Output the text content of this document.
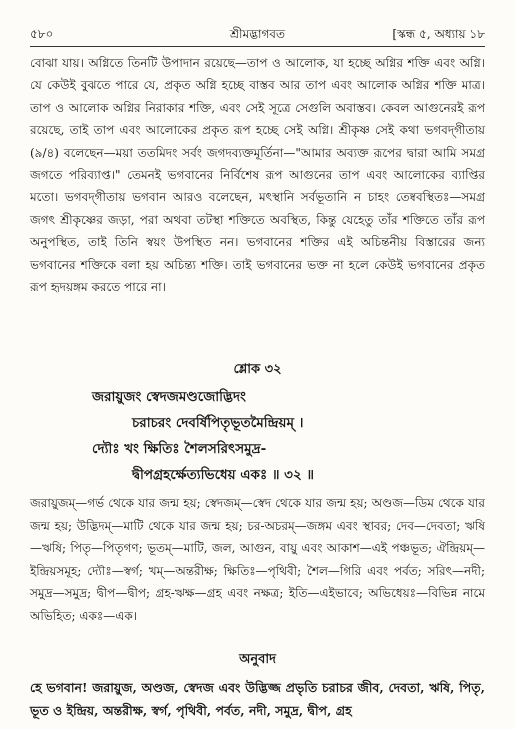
৫৮০	শ্রীমদ্ভাগবত	[স্কন্ধ ৫, অধ্যায় ১৮

বোঝা যায়। অগ্নিতে তিনটি উপাদান রয়েছে—তাপ ও আলোক, যা হচ্ছে অগ্নির শক্তি এবং অগ্নি। যে কেউই বুঝতে পারে যে, প্রকৃত অগ্নি হচ্ছে বাস্তব আর তাপ এবং আলোক অগ্নির শক্তি মাত্র। তাপ ও আলোক অগ্নির নিরাকার শক্তি, এবং সেই সূত্রে সেগুলি অবাস্তব। কেবল আগুনেরই রূপ রয়েছে, তাই তাপ এবং আলোকের প্রকৃত রূপ হচ্ছে সেই অগ্নি। শ্রীকৃষ্ণ সেই কথা ভগবদ্‌গীতায় (৯/৪) বলেছেন—ময়া ততমিদং সর্বং জগদব্যক্তমূর্তিনা—"আমার অব্যক্ত রূপের দ্বারা আমি সমগ্র জগতে পরিব্যাপ্ত।" তেমনই ভগবানের নির্বিশেষ রূপ আগুনের তাপ এবং আলোকের ব্যাপ্তির মতো। ভগবদ্‌গীতায় ভগবান আরও বলেছেন, মৎস্থানি সর্বভূতানি ন চাহং তেষ্ববস্থিতঃ—সমগ্র জগৎ শ্রীকৃষ্ণের জড়া, পরা অথবা তটস্থা শক্তিতে অবস্থিত, কিন্তু যেহেতু তাঁর শক্তিতে তাঁর রূপ অনুপস্থিত, তাই তিনি স্বয়ং উপস্থিত নন। ভগবানের শক্তির এই অচিন্তনীয় বিস্তারের জন্য ভগবানের শক্তিকে বলা হয় অচিন্ত্য শক্তি। তাই ভগবানের ভক্ত না হলে কেউই ভগবানের প্রকৃত রূপ হৃদয়ঙ্গম করতে পারে না।

শ্লোক ৩২
জরায়ুজং স্বেদজমণ্ডজোদ্ভিদং
চরাচরং দেবর্ষিপিতৃভূতমৈন্দ্রিয়ম্ ।
দ্যৌঃ খং ক্ষিতিঃ শৈলসরিৎসমুদ্র-
দ্বীপগ্রহর্ক্ষেত্যভিধেয় একঃ ॥ ৩২ ॥

জরায়ুজম্—গর্ভ থেকে যার জন্ম হয়; স্বেদজম্—স্বেদ থেকে যার জন্ম হয়; অণ্ডজ—ডিম থেকে যার জন্ম হয়; উদ্ভিদম্—মাটি থেকে যার জন্ম হয়; চর-অচরম্—জঙ্গম এবং স্থাবর; দেব—দেবতা; ঋষি—ঋষি; পিতৃ—পিতৃগণ; ভূতম্—মাটি, জল, আগুন, বায়ু এবং আকাশ—এই পঞ্চভূত; ঐন্দ্রিয়ম্—ইন্দ্রিয়সমূহ; দ্যৌঃ—স্বর্গ; খম্—অন্তরীক্ষ; ক্ষিতিঃ—পৃথিবী; শৈল—গিরি এবং পর্বত; সরিৎ—নদী; সমুদ্র—সমুদ্র; দ্বীপ—দ্বীপ; গ্রহ-ঋক্ষ—গ্রহ এবং নক্ষত্র; ইতি—এইভাবে; অভিধেয়ঃ—বিভিন্ন নামে অভিহিত; একঃ—এক।

অনুবাদ

হে ভগবান! জরায়ুজ, অণ্ডজ, স্বেদজ এবং উদ্ভিজ্জ প্রভৃতি চরাচর জীব, দেবতা, ঋষি, পিতৃ, ভূত ও ইন্দ্রিয়, অন্তরীক্ষ, স্বর্গ, পৃথিবী, পর্বত, নদী, সমুদ্র, দ্বীপ, গ্রহ
